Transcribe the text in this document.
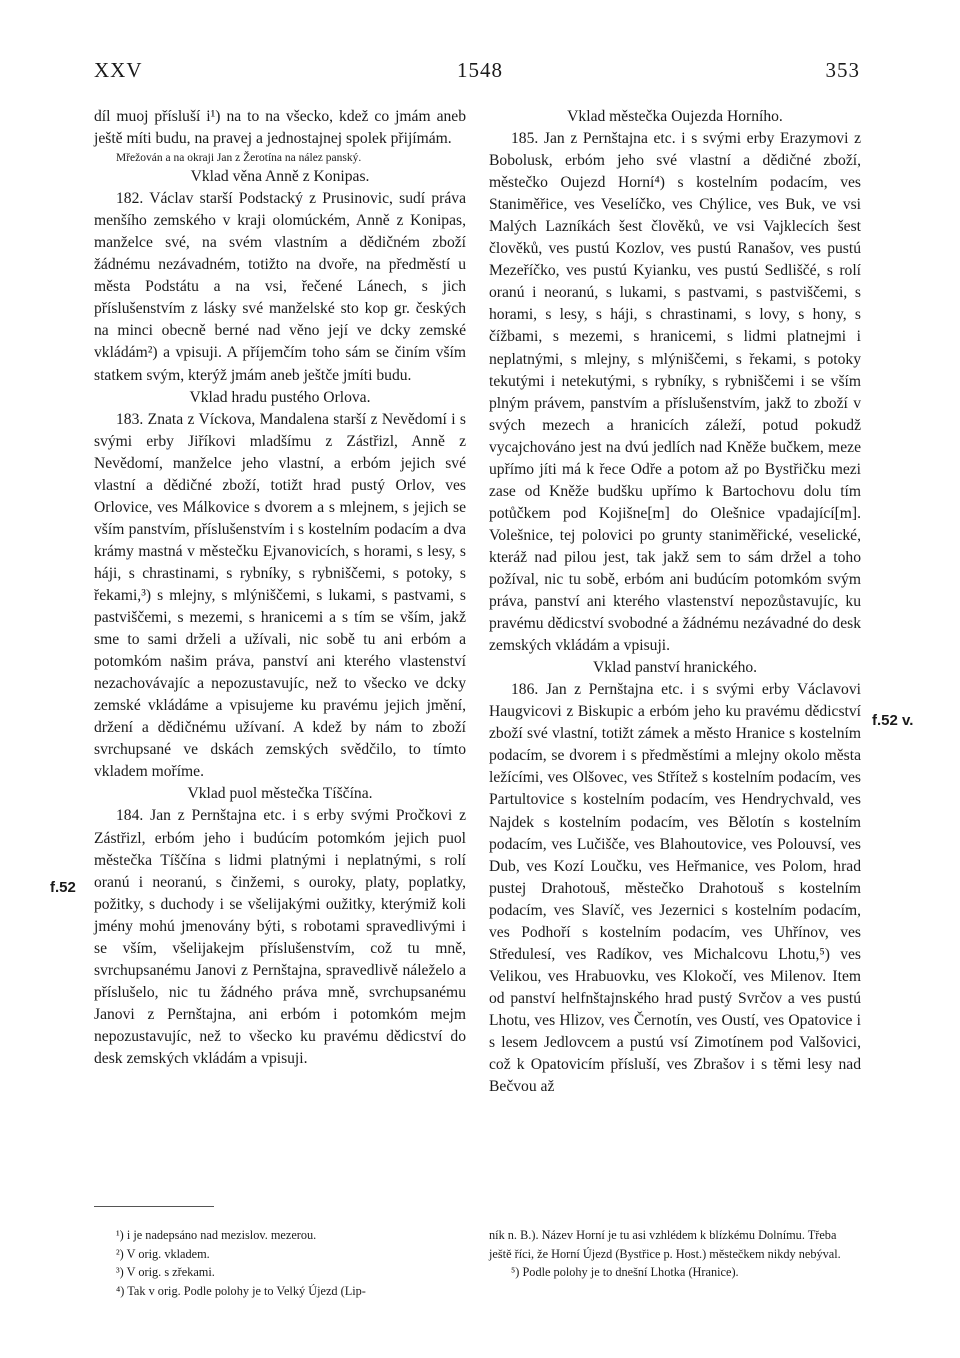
XXV	1548	353
f.52
f.52 v.

díl muoj přísluší i¹) na to na všecko, kdež co jmám aneb ještě míti budu, na pravej a jednostajnej spolek přijímám.

Mřežován a na okraji Jan z Žerotína na nález panský.

Vklad věna Anně z Konipas.

182. Václav starší Podstacký z Prusinovic, sudí práva menšího zemského v kraji olomúckém, Anně z Konipas, manželce své, na svém vlastním a dědičném zboží žádnému nezávadném, totižto na dvoře, na předměstí u města Podstátu a na vsi, řečené Lánech, s jich příslušenstvím z lásky své manželské sto kop gr. českých na minci obecně berné nad věno její ve dcky zemské vkládám²) a vpisuji. A příjemčím toho sám se činím vším statkem svým, kterýž jmám aneb ještče jmíti budu.

Vklad hradu pustého Orlova.

183. Znata z Víckova, Mandalena starší z Nevědomí i s svými erby Jiříkovi mladšímu z Zástřizl, Anně z Nevědomí, manželce jeho vlastní, a erbóm jejich své vlastní a dědičné zboží, totižt hrad pustý Orlov, ves Orlovice, ves Málkovice s dvorem a s mlejnem, s jejich se vším panstvím, příslušenstvím i s kostelním podacím a dva krámy mastná v městečku Ejvanovicích, s horami, s lesy, s háji, s chrastinami, s rybníky, s rybniščemi, s potoky, s řekami,³) s mlejny, s mlýniščemi, s lukami, s pastvami, s pastviščemi, s mezemi, s hranicemi a s tím se vším, jakž sme to sami drželi a užívali, nic sobě tu ani erbóm a potomkóm našim práva, panství ani kterého vlastenství nezachovávajíc a nepozustavujíc, než to všecko ve dcky zemské vkládáme a vpisujeme ku pravému jejich jmění, držení a dědičnému užívaní. A kdež by nám to zboží svrchupsané ve dskách zemských svědčilo, to tímto vkladem moříme.

Vklad puol městečka Tíščína.

184. Jan z Pernštajna etc. i s erby svými Pročkovi z Zástřizl, erbóm jeho i budúcím potomkóm jejich puol městečka Tíščína s lidmi platnými i neplatnými, s rolí oranú i neoranú, s činžemi, s ouroky, platy, poplatky, požitky, s duchody i se všelijakými oužitky, kterýmiž koli jmény mohú jmenovány býti, s robotami spravedlivými i se vším, všelijakejm příslušenstvím, což tu mně, svrchupsanému Janovi z Pernštajna, spravedlivě náleželo a příslušelo, nic tu žádného práva mně, svrchupsanému Janovi z Pernštajna, ani erbóm i potomkóm mejm nepozustavujíc, než to všecko ku pravému dědicství do desk zemských vkládám a vpisuji.

Vklad městečka Oujezda Horního.

185. Jan z Pernštajna etc. i s svými erby Erazymovi z Bobolusk, erbóm jeho své vlastní a dědičné zboží, městečko Oujezd Horní⁴) s kostelním podacím, ves Staniměřice, ves Veselíčko, ves Chýlice, ves Buk, ve vsi Malých Lazníkách šest člověků, ve vsi Vajklecích šest člověků, ves pustú Kozlov, ves pustú Ranašov, ves pustú Mezeříčko, ves pustú Kyianku, ves pustú Sedliščé, s rolí oranú i neoranú, s lukami, s pastvami, s pastviščemi, s horami, s lesy, s háji, s chrastinami, s lovy, s hony, s čížbami, s mezemi, s hranicemi, s lidmi platnejmi i neplatnými, s mlejny, s mlýniščemi, s řekami, s potoky tekutými i netekutými, s rybníky, s rybniščemi i se vším plným právem, panstvím a příslušenstvím, jakž to zboží v svých mezech a hranicích záleží, potud pokudž vycajchováno jest na dvú jedlích nad Kněže bučkem, meze upřímo jíti má k řece Odře a potom až po Bystřičku mezi zase od Kněže budšku upřímo k Bartochovu dolu tím potůčkem pod Kojišne[m] do Olešnice vpadající[m]. Volešnice, tej polovici po grunty staniměřické, veselické, kteráž nad pilou jest, tak jakž sem to sám držel a toho požíval, nic tu sobě, erbóm ani budúcím potomkóm svým práva, panství ani kterého vlastenství nepozůstavujíc, ku pravému dědicství svobodné a žádnému nezávadné do desk zemských vkládám a vpisuji.

Vklad panství hranického.

186. Jan z Pernštajna etc. i s svými erby Václavovi Haugvicovi z Biskupic a erbóm jeho ku pravému dědicství zboží své vlastní, totižt zámek a město Hranice s kostelním podacím, se dvorem i s předměstími a mlejny okolo města ležícími, ves Olšovec, ves Střítež s kostelním podacím, ves Partultovice s kostelním podacím, ves Hendrychvald, ves Najdek s kostelním podacím, ves Bělotín s kostelním podacím, ves Lučišče, ves Blahoutovice, ves Polouvsí, ves Dub, ves Kozí Loučku, ves Heřmanice, ves Polom, hrad pustej Drahotouš, městečko Drahotouš s kostelním podacím, ves Slavíč, ves Jezernici s kostelním podacím, ves Podhoří s kostelním podacím, ves Uhřínov, ves Středulesí, ves Radíkov, ves Michalcovu Lhotu,⁵) ves Velikou, ves Hrabuovku, ves Klokočí, ves Milenov. Item od panství helfnštajnského hrad pustý Svrčov a ves pustú Lhotu, ves Hlizov, ves Černotín, ves Oustí, ves Opatovice i s lesem Jedlovcem a pustú vsí Zimotínem pod Valšovici, což k Opatovicím přísluší, ves Zbrašov i s těmi lesy nad Bečvou až

¹) i je nadepsáno nad mezislov. mezerou.

²) V orig. vkladem.

³) V orig. s zřekami.

⁴) Tak v orig. Podle polohy je to Velký Újezd (Lip-

ník n. B.). Název Horní je tu asi vzhlédem k blízkému Dolnímu. Třeba ještě říci, že Horní Újezd (Bystřice p. Host.) městečkem nikdy nebýval.

⁵) Podle polohy je to dnešní Lhotka (Hranice).
